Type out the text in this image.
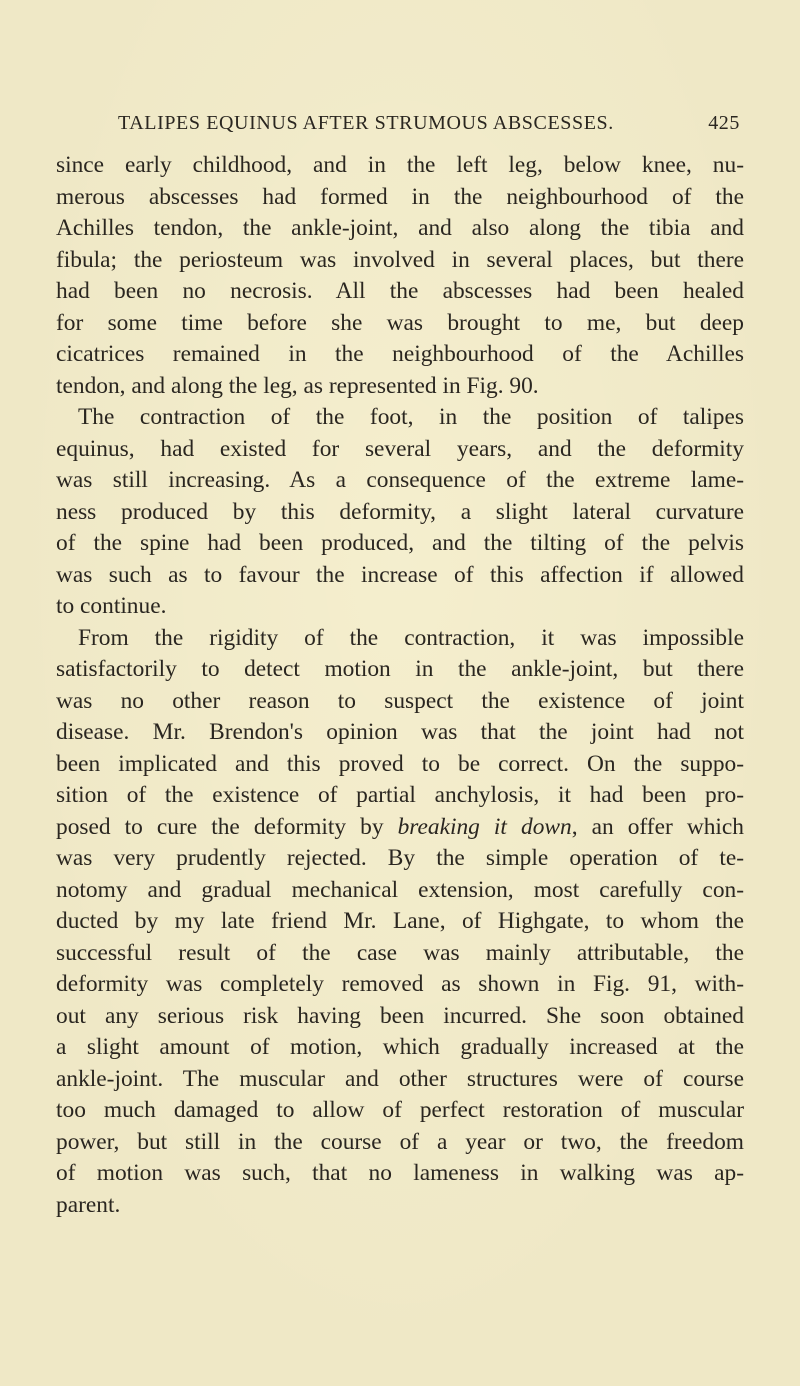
TALIPES EQUINUS AFTER STRUMOUS ABSCESSES.	425
since early childhood, and in the left leg, below knee, nu-
merous abscesses had formed in the neighbourhood of the
Achilles tendon, the ankle-joint, and also along the tibia and
fibula; the periosteum was involved in several places, but there
had been no necrosis. All the abscesses had been healed
for some time before she was brought to me, but deep
cicatrices remained in the neighbourhood of the Achilles
tendon, and along the leg, as represented in Fig. 90.
The contraction of the foot, in the position of talipes
equinus, had existed for several years, and the deformity
was still increasing. As a consequence of the extreme lame-
ness produced by this deformity, a slight lateral curvature
of the spine had been produced, and the tilting of the pelvis
was such as to favour the increase of this affection if allowed
to continue.
From the rigidity of the contraction, it was impossible
satisfactorily to detect motion in the ankle-joint, but there
was no other reason to suspect the existence of joint
disease. Mr. Brendon's opinion was that the joint had not
been implicated and this proved to be correct. On the suppo-
sition of the existence of partial anchylosis, it had been pro-
posed to cure the deformity by breaking it down, an offer which
was very prudently rejected. By the simple operation of te-
notomy and gradual mechanical extension, most carefully con-
ducted by my late friend Mr. Lane, of Highgate, to whom the
successful result of the case was mainly attributable, the
deformity was completely removed as shown in Fig. 91, with-
out any serious risk having been incurred. She soon obtained
a slight amount of motion, which gradually increased at the
ankle-joint. The muscular and other structures were of course
too much damaged to allow of perfect restoration of muscular
power, but still in the course of a year or two, the freedom
of motion was such, that no lameness in walking was ap-
parent.
